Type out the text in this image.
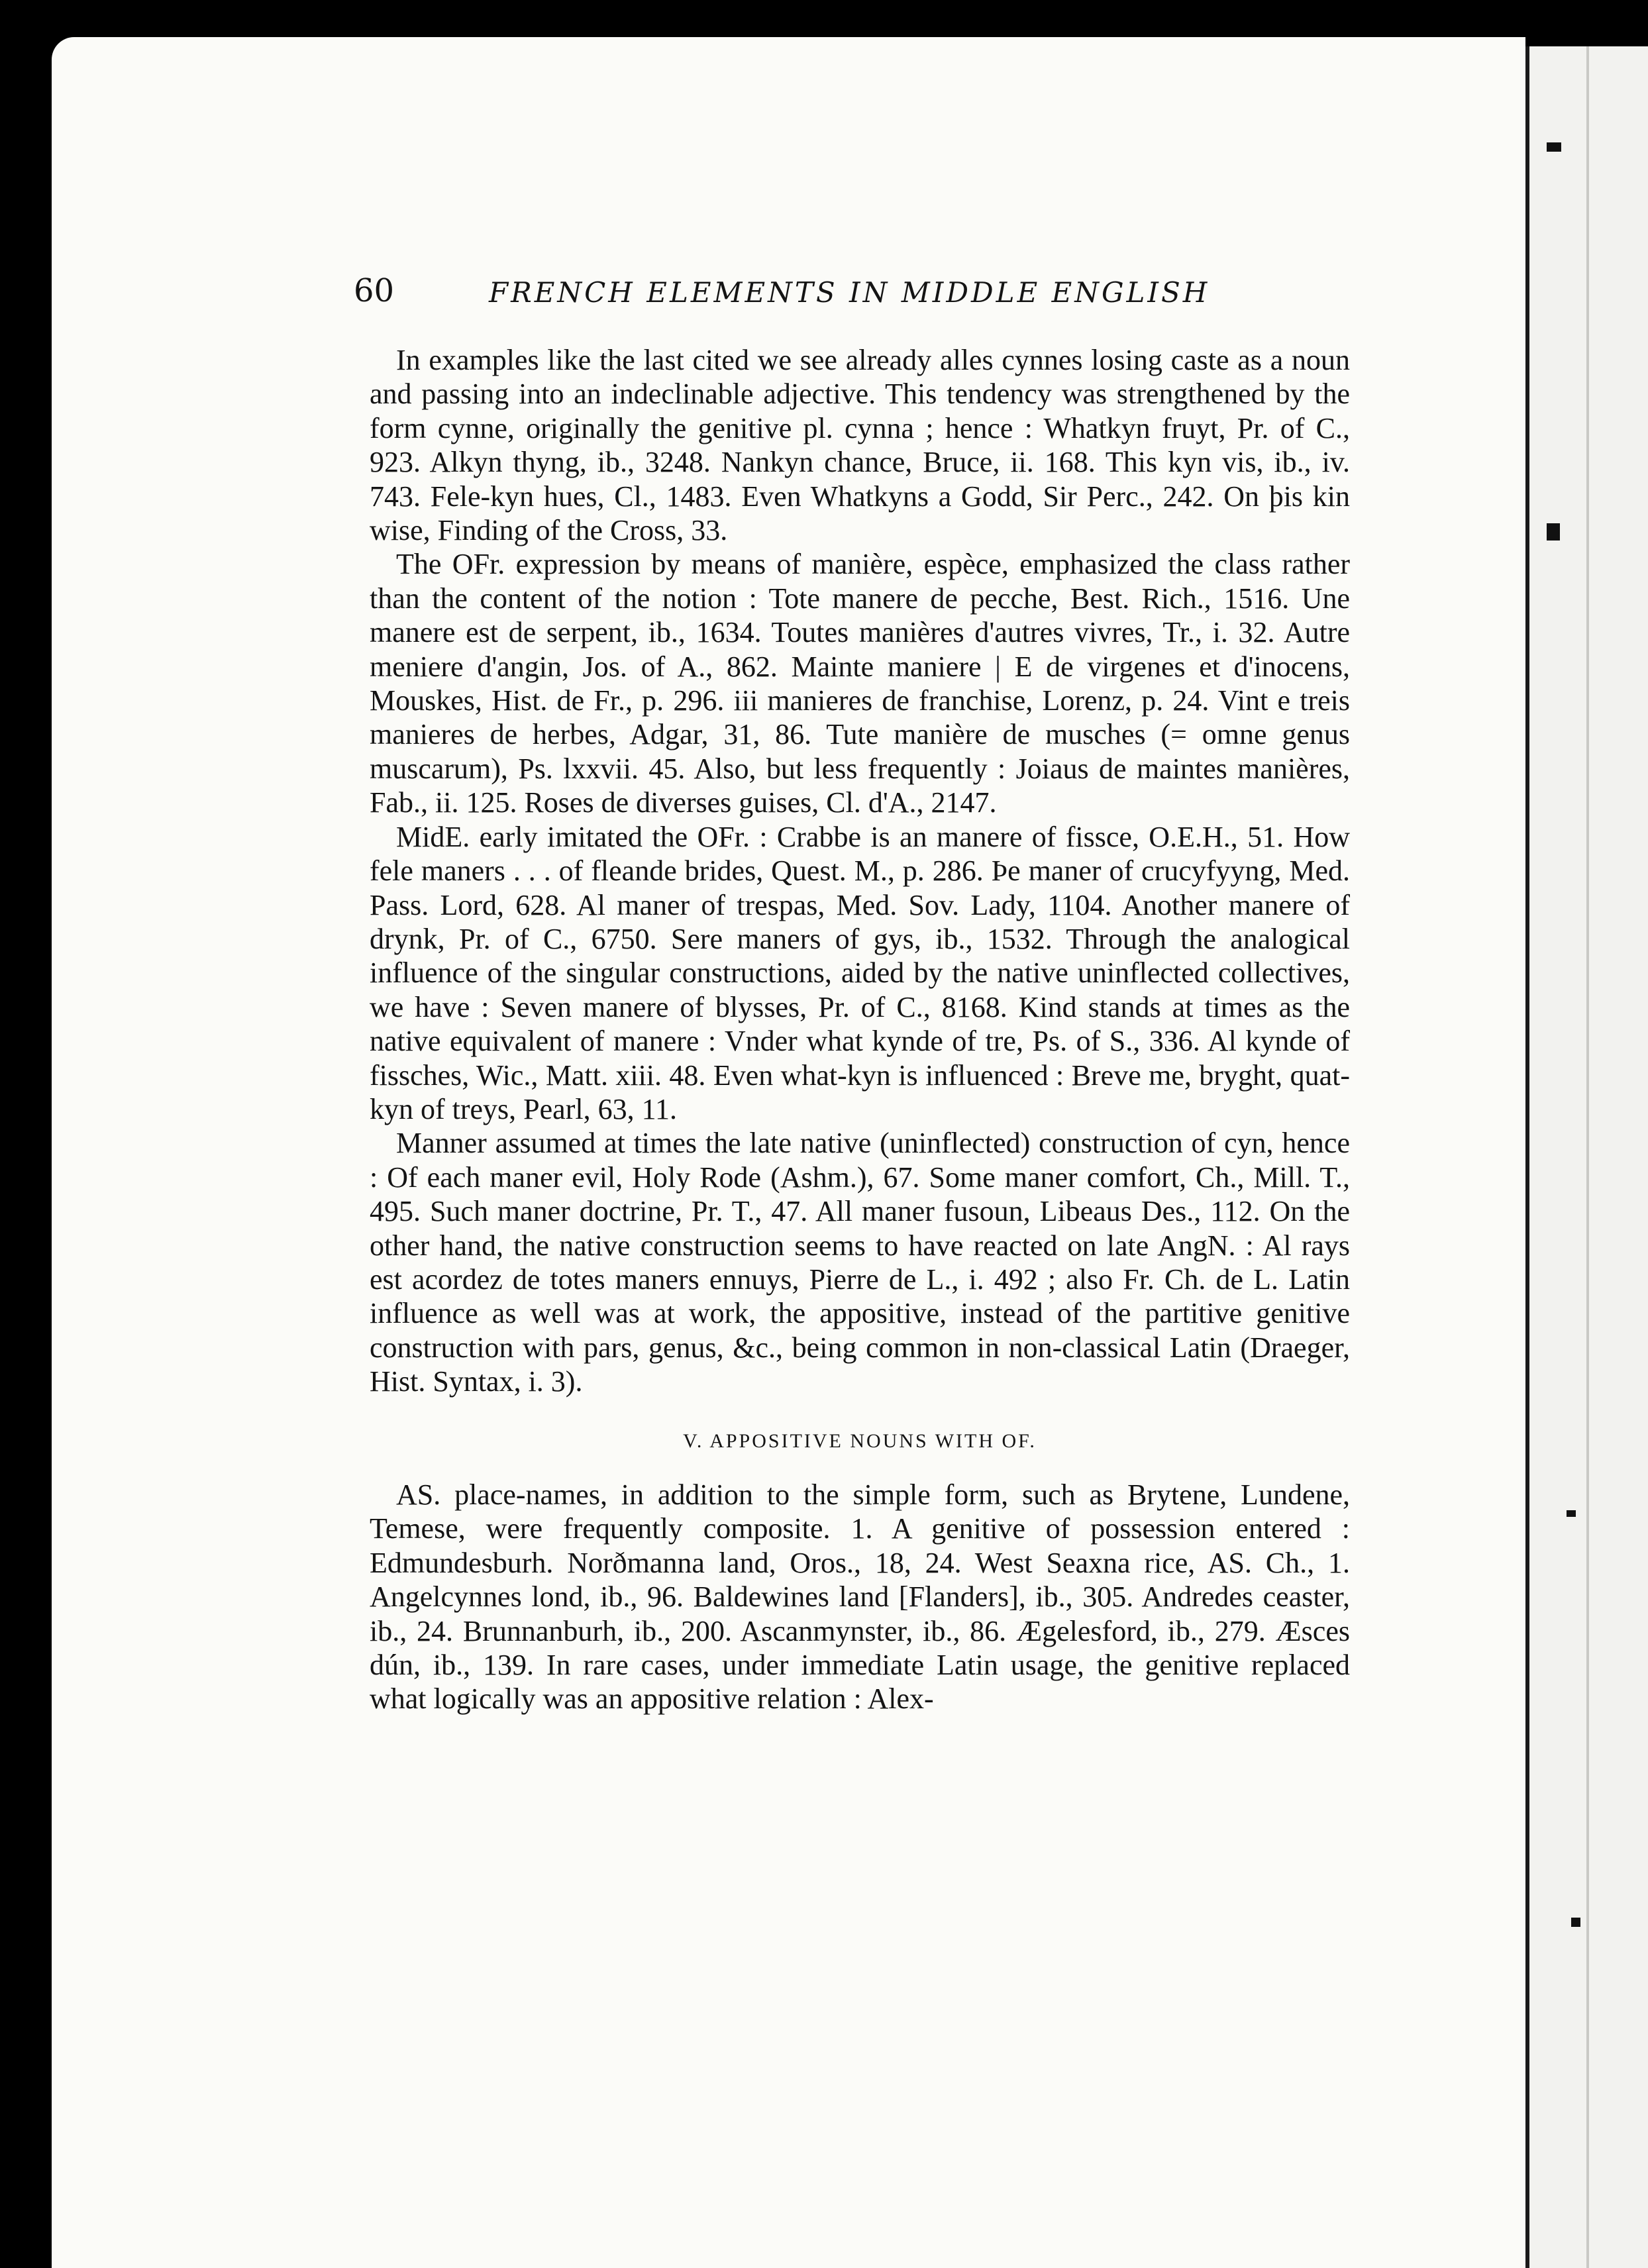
60	FRENCH ELEMENTS IN MIDDLE ENGLISH

In examples like the last cited we see already alles cynnes losing caste as a noun and passing into an indeclinable adjective. This tendency was strengthened by the form cynne, originally the genitive pl. cynna ; hence : Whatkyn fruyt, Pr. of C., 923. Alkyn thyng, ib., 3248. Nankyn chance, Bruce, ii. 168. This kyn vis, ib., iv. 743. Fele-kyn hues, Cl., 1483. Even Whatkyns a Godd, Sir Perc., 242. On þis kin wise, Finding of the Cross, 33.

The OFr. expression by means of manière, espèce, emphasized the class rather than the content of the notion : Tote manere de pecche, Best. Rich., 1516. Une manere est de serpent, ib., 1634. Toutes manières d'autres vivres, Tr., i. 32. Autre meniere d'angin, Jos. of A., 862. Mainte maniere | E de virgenes et d'inocens, Mouskes, Hist. de Fr., p. 296. iii manieres de franchise, Lorenz, p. 24. Vint e treis manieres de herbes, Adgar, 31, 86. Tute manière de musches (= omne genus muscarum), Ps. lxxvii. 45. Also, but less frequently : Joiaus de maintes manières, Fab., ii. 125. Roses de diverses guises, Cl. d'A., 2147.

MidE. early imitated the OFr. : Crabbe is an manere of fissce, O.E.H., 51. How fele maners . . . of fleande brides, Quest. M., p. 286. Þe maner of crucyfyyng, Med. Pass. Lord, 628. Al maner of trespas, Med. Sov. Lady, 1104. Another manere of drynk, Pr. of C., 6750. Sere maners of gys, ib., 1532. Through the analogical influence of the singular constructions, aided by the native uninflected collectives, we have : Seven manere of blysses, Pr. of C., 8168. Kind stands at times as the native equivalent of manere : Vnder what kynde of tre, Ps. of S., 336. Al kynde of fissches, Wic., Matt. xiii. 48. Even what-kyn is influenced : Breve me, bryght, quat-kyn of treys, Pearl, 63, 11.

Manner assumed at times the late native (uninflected) construction of cyn, hence : Of each maner evil, Holy Rode (Ashm.), 67. Some maner comfort, Ch., Mill. T., 495. Such maner doctrine, Pr. T., 47. All maner fusoun, Libeaus Des., 112. On the other hand, the native construction seems to have reacted on late AngN. : Al rays est acordez de totes maners ennuys, Pierre de L., i. 492 ; also Fr. Ch. de L. Latin influence as well was at work, the appositive, instead of the partitive genitive construction with pars, genus, &c., being common in non-classical Latin (Draeger, Hist. Syntax, i. 3).

V. APPOSITIVE NOUNS WITH OF.

AS. place-names, in addition to the simple form, such as Brytene, Lundene, Temese, were frequently composite. 1. A genitive of possession entered : Edmundesburh. Norðmanna land, Oros., 18, 24. West Seaxna rice, AS. Ch., 1. Angelcynnes lond, ib., 96. Baldewines land [Flanders], ib., 305. Andredes ceaster, ib., 24. Brunnanburh, ib., 200. Ascanmynster, ib., 86. Ægelesford, ib., 279. Æsces dún, ib., 139. In rare cases, under immediate Latin usage, the genitive replaced what logically was an appositive relation : Alex-
